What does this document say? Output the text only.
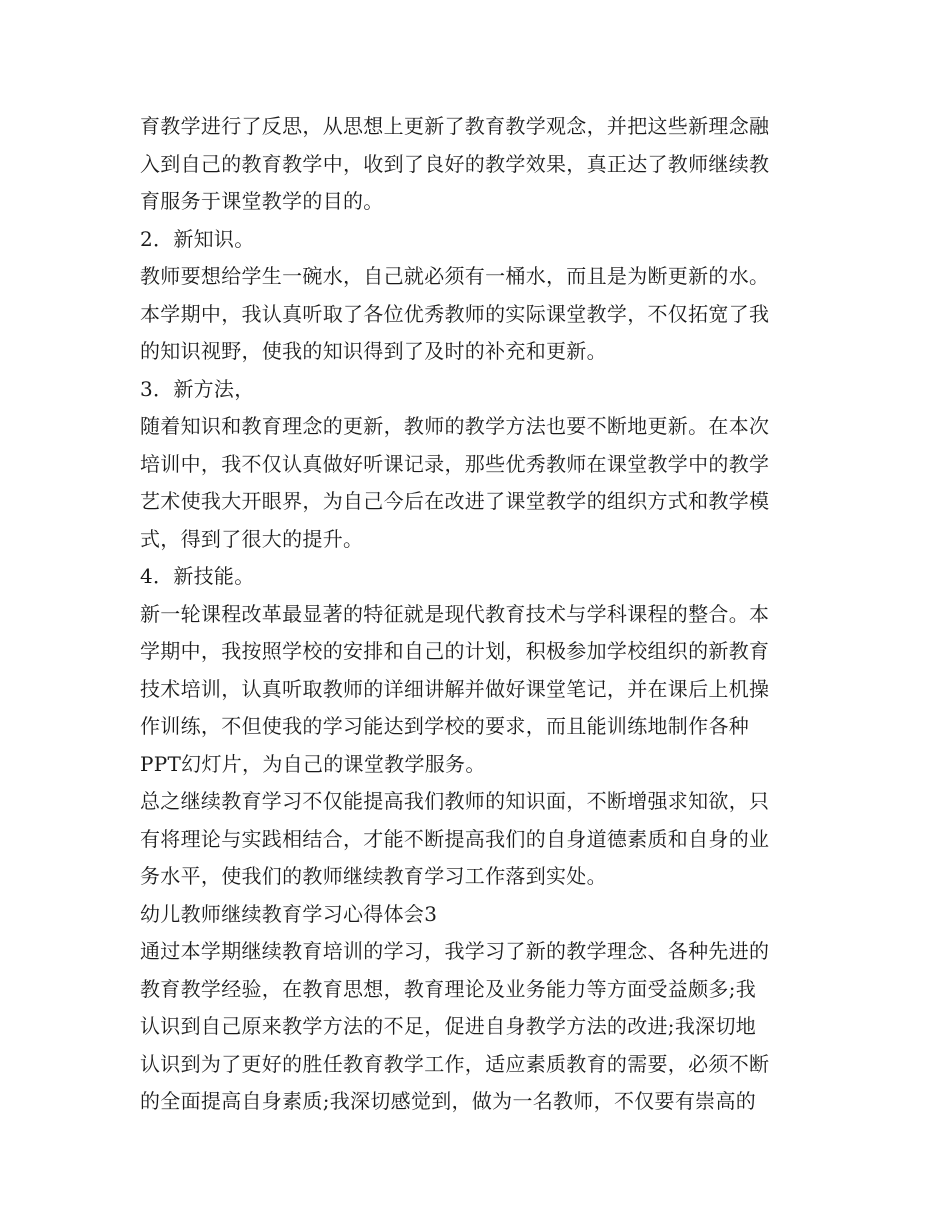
育教学进行了反思，从思想上更新了教育教学观念，并把这些新理念融
入到自己的教育教学中，收到了良好的教学效果，真正达了教师继续教
育服务于课堂教学的目的。
2．新知识。
教师要想给学生一碗水，自己就必须有一桶水，而且是为断更新的水。
本学期中，我认真听取了各位优秀教师的实际课堂教学，不仅拓宽了我
的知识视野，使我的知识得到了及时的补充和更新。
3．新方法，
随着知识和教育理念的更新，教师的教学方法也要不断地更新。在本次
培训中，我不仅认真做好听课记录，那些优秀教师在课堂教学中的教学
艺术使我大开眼界，为自己今后在改进了课堂教学的组织方式和教学模
式，得到了很大的提升。
4．新技能。
新一轮课程改革最显著的特征就是现代教育技术与学科课程的整合。本
学期中，我按照学校的安排和自己的计划，积极参加学校组织的新教育
技术培训，认真听取教师的详细讲解并做好课堂笔记，并在课后上机操
作训练，不但使我的学习能达到学校的要求，而且能训练地制作各种
PPT幻灯片，为自己的课堂教学服务。
总之继续教育学习不仅能提高我们教师的知识面，不断增强求知欲，只
有将理论与实践相结合，才能不断提高我们的自身道德素质和自身的业
务水平，使我们的教师继续教育学习工作落到实处。
幼儿教师继续教育学习心得体会3
通过本学期继续教育培训的学习，我学习了新的教学理念、各种先进的
教育教学经验，在教育思想，教育理论及业务能力等方面受益颇多;我
认识到自己原来教学方法的不足，促进自身教学方法的改进;我深切地
认识到为了更好的胜任教育教学工作，适应素质教育的需要，必须不断
的全面提高自身素质;我深切感觉到，做为一名教师，不仅要有崇高的
